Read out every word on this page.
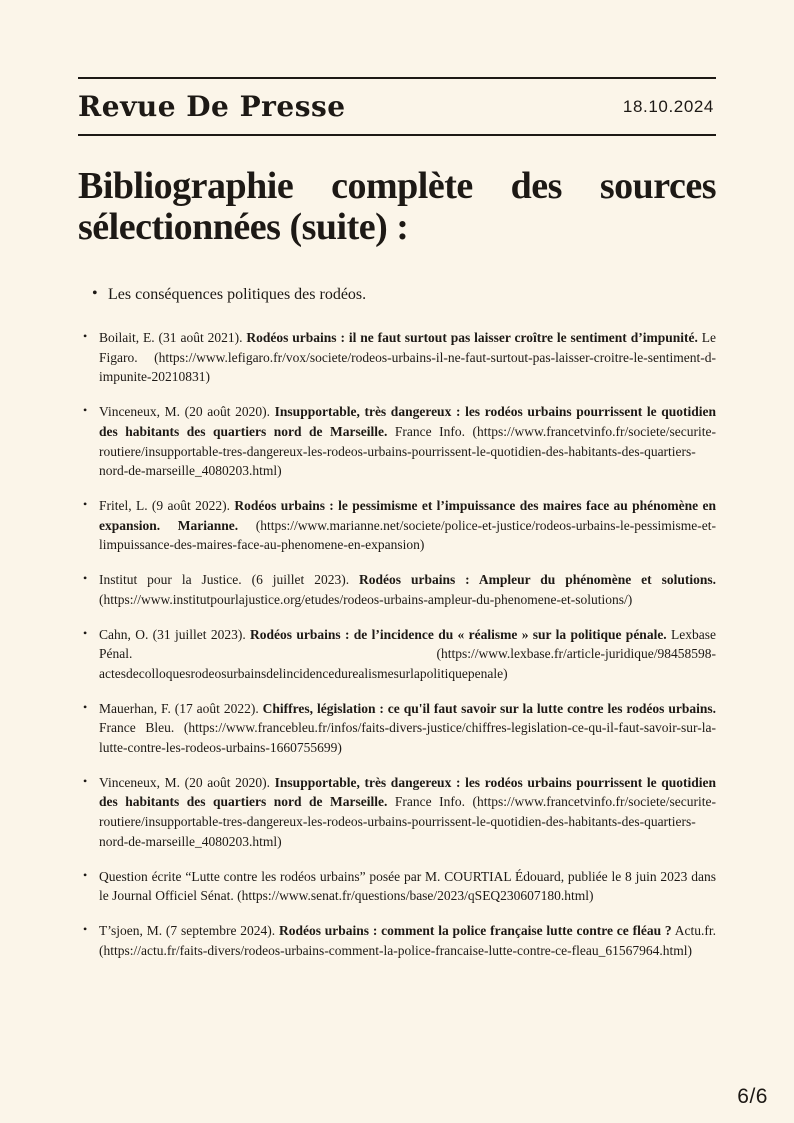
Revue De Presse	18.10.2024
Bibliographie complète des sources
sélectionnées (suite) :
• Les conséquences politiques des rodéos.
• Boilait, E. (31 août 2021). Rodéos urbains : il ne faut surtout pas laisser croître le sentiment d’impunité. Le Figaro. (https://www.lefigaro.fr/vox/societe/rodeos-urbains-il-ne-faut-surtout-pas-laisser-croitre-le-sentiment-d-impunite-20210831)
• Vinceneux, M. (20 août 2020). Insupportable, très dangereux : les rodéos urbains pourrissent le quotidien des habitants des quartiers nord de Marseille. France Info. (https://www.francetvinfo.fr/societe/securite-routiere/insupportable-tres-dangereux-les-rodeos-urbains-pourrissent-le-quotidien-des-habitants-des-quartiers-nord-de-marseille_4080203.html)
• Fritel, L. (9 août 2022). Rodéos urbains : le pessimisme et l’impuissance des maires face au phénomène en expansion. Marianne. (https://www.marianne.net/societe/police-et-justice/rodeos-urbains-le-pessimisme-et-limpuissance-des-maires-face-au-phenomene-en-expansion)
• Institut pour la Justice. (6 juillet 2023). Rodéos urbains : Ampleur du phénomène et solutions. (https://www.institutpourlajustice.org/etudes/rodeos-urbains-ampleur-du-phenomene-et-solutions/)
• Cahn, O. (31 juillet 2023). Rodéos urbains : de l’incidence du « réalisme » sur la politique pénale. Lexbase Pénal. (https://www.lexbase.fr/article-juridique/98458598-actesdecolloquesrodeosurbainsdelincidencedurealismesurlapolitiquepenale)
• Mauerhan, F. (17 août 2022). Chiffres, législation : ce qu'il faut savoir sur la lutte contre les rodéos urbains. France Bleu. (https://www.francebleu.fr/infos/faits-divers-justice/chiffres-legislation-ce-qu-il-faut-savoir-sur-la-lutte-contre-les-rodeos-urbains-1660755699)
• Vinceneux, M. (20 août 2020). Insupportable, très dangereux : les rodéos urbains pourrissent le quotidien des habitants des quartiers nord de Marseille. France Info. (https://www.francetvinfo.fr/societe/securite-routiere/insupportable-tres-dangereux-les-rodeos-urbains-pourrissent-le-quotidien-des-habitants-des-quartiers-nord-de-marseille_4080203.html)
• Question écrite “Lutte contre les rodéos urbains” posée par M. COURTIAL Édouard, publiée le 8 juin 2023 dans le Journal Officiel Sénat. (https://www.senat.fr/questions/base/2023/qSEQ230607180.html)
• T’sjoen, M. (7 septembre 2024). Rodéos urbains : comment la police française lutte contre ce fléau ? Actu.fr. (https://actu.fr/faits-divers/rodeos-urbains-comment-la-police-francaise-lutte-contre-ce-fleau_61567964.html)
6/6
